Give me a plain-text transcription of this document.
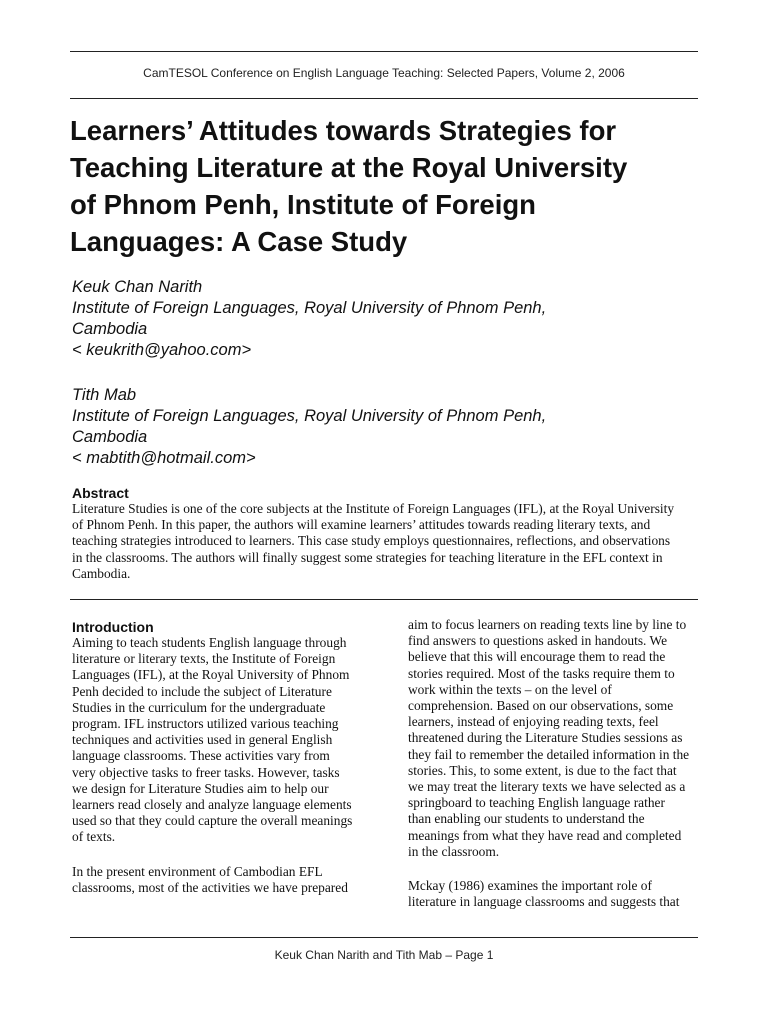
CamTESOL Conference on English Language Teaching: Selected Papers, Volume 2, 2006
Learners’ Attitudes towards Strategies for
Teaching Literature at the Royal University
of Phnom Penh, Institute of Foreign
Languages: A Case Study
Keuk Chan Narith
Institute of Foreign Languages, Royal University of Phnom Penh,
Cambodia
< keukrith@yahoo.com>
Tith Mab
Institute of Foreign Languages, Royal University of Phnom Penh,
Cambodia
< mabtith@hotmail.com>
Abstract
Literature Studies is one of the core subjects at the Institute of Foreign Languages (IFL), at the Royal University
of Phnom Penh. In this paper, the authors will examine learners’ attitudes towards reading literary texts, and
teaching strategies introduced to learners. This case study employs questionnaires, reflections, and observations
in the classrooms. The authors will finally suggest some strategies for teaching literature in the EFL context in
Cambodia.
Introduction
Aiming to teach students English language through
literature or literary texts, the Institute of Foreign
Languages (IFL), at the Royal University of Phnom
Penh decided to include the subject of Literature
Studies in the curriculum for the undergraduate
program. IFL instructors utilized various teaching
techniques and activities used in general English
language classrooms. These activities vary from
very objective tasks to freer tasks. However, tasks
we design for Literature Studies aim to help our
learners read closely and analyze language elements
used so that they could capture the overall meanings
of texts.
In the present environment of Cambodian EFL
classrooms, most of the activities we have prepared
aim to focus learners on reading texts line by line to
find answers to questions asked in handouts. We
believe that this will encourage them to read the
stories required. Most of the tasks require them to
work within the texts – on the level of
comprehension. Based on our observations, some
learners, instead of enjoying reading texts, feel
threatened during the Literature Studies sessions as
they fail to remember the detailed information in the
stories. This, to some extent, is due to the fact that
we may treat the literary texts we have selected as a
springboard to teaching English language rather
than enabling our students to understand the
meanings from what they have read and completed
in the classroom.
Mckay (1986) examines the important role of
literature in language classrooms and suggests that
Keuk Chan Narith and Tith Mab – Page 1
